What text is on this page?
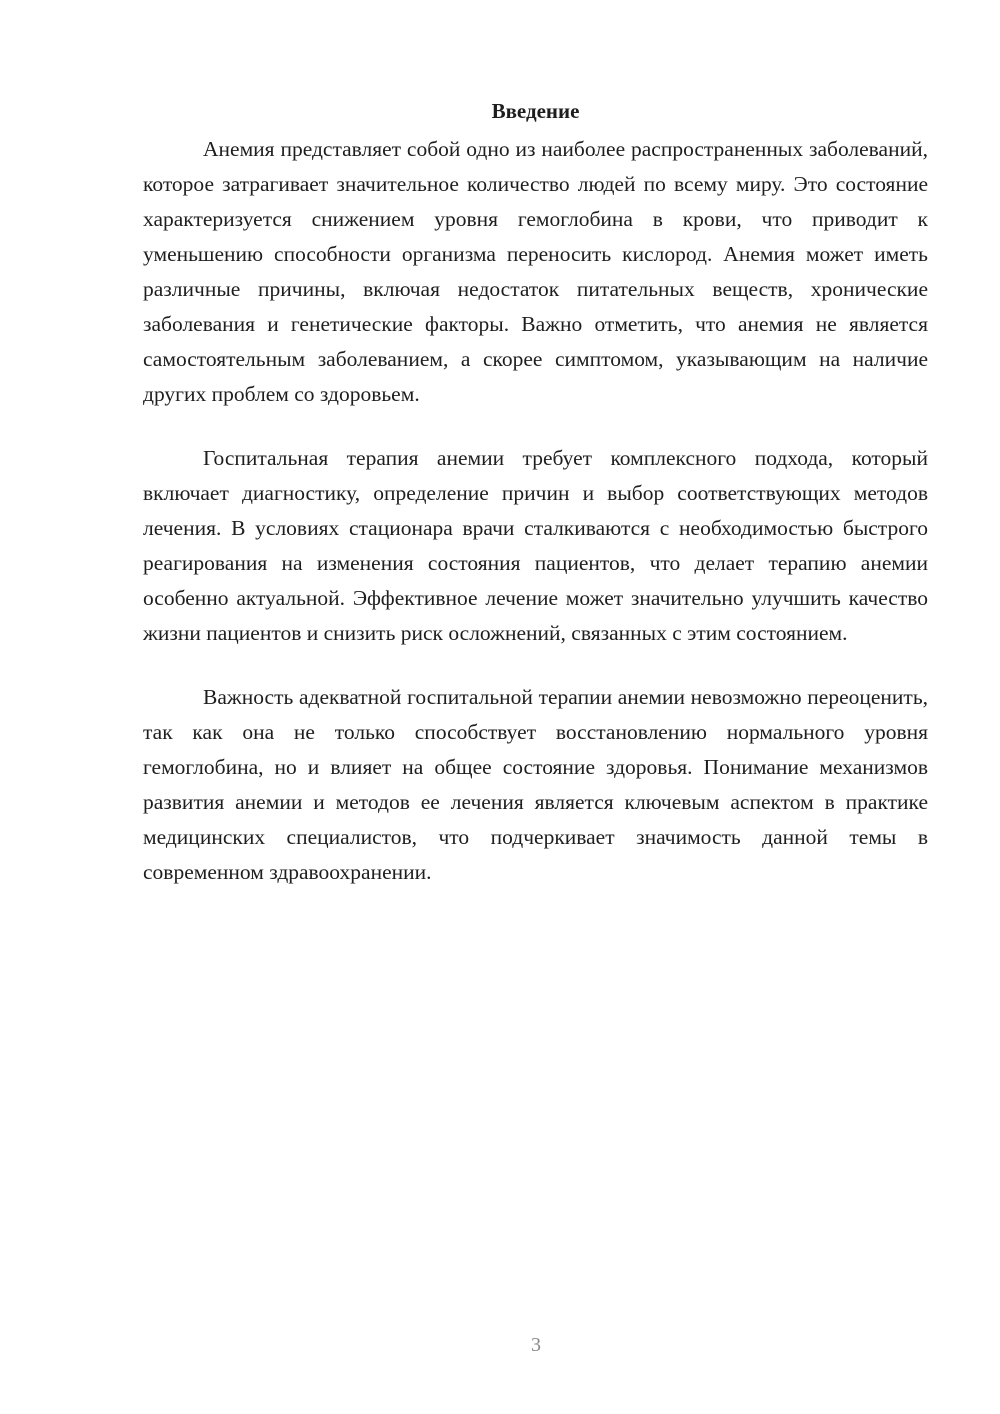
Введение

Анемия представляет собой одно из наиболее распространенных заболеваний, которое затрагивает значительное количество людей по всему миру. Это состояние характеризуется снижением уровня гемоглобина в крови, что приводит к уменьшению способности организма переносить кислород. Анемия может иметь различные причины, включая недостаток питательных веществ, хронические заболевания и генетические факторы. Важно отметить, что анемия не является самостоятельным заболеванием, а скорее симптомом, указывающим на наличие других проблем со здоровьем.

Госпитальная терапия анемии требует комплексного подхода, который включает диагностику, определение причин и выбор соответствующих методов лечения. В условиях стационара врачи сталкиваются с необходимостью быстрого реагирования на изменения состояния пациентов, что делает терапию анемии особенно актуальной. Эффективное лечение может значительно улучшить качество жизни пациентов и снизить риск осложнений, связанных с этим состоянием.

Важность адекватной госпитальной терапии анемии невозможно переоценить, так как она не только способствует восстановлению нормального уровня гемоглобина, но и влияет на общее состояние здоровья. Понимание механизмов развития анемии и методов ее лечения является ключевым аспектом в практике медицинских специалистов, что подчеркивает значимость данной темы в современном здравоохранении.

3
